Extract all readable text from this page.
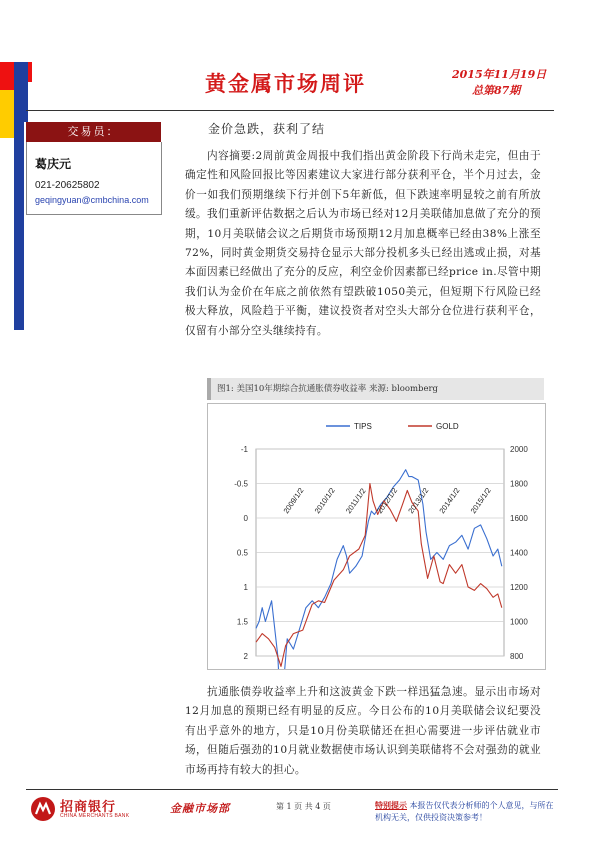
黄金属市场周评	2015年11月19日
总第87期
交易员：
葛庆元
021-20625802
geqingyuan@cmbchina.com
金价急跌，获利了结
内容摘要:2周前黄金周报中我们指出黄金阶段下行尚未走完，但由于确定性和风险回报比等因素建议大家进行部分获利平仓，半个月过去，金价一如我们预期继续下行并创下5年新低，但下跌速率明显较之前有所放缓。我们重新评估数据之后认为市场已经对12月美联储加息做了充分的预期，10月美联储会议之后期货市场预期12月加息概率已经由38%上涨至72%，同时黄金期货交易持仓显示大部分投机多头已经出逃或止损，对基本面因素已经做出了充分的反应，利空金价因素都已经price in.尽管中期我们认为金价在年底之前依然有望跌破1050美元，但短期下行风险已经极大释放，风险趋于平衡，建议投资者对空头大部分仓位进行获利平仓，仅留有小部分空头继续持有。
图1: 美国10年期综合抗通胀债券收益率 来源: bloomberg
-1
-0.5
0
0.5
1
1.5
2
2000
1800
1600
1400
1200
1000
800
2009/1/2 2010/1/2 2011/1/2 2012/1/2 2013/1/2 2014/1/2 2015/1/2
TIPS	GOLD
抗通胀债券收益率上升和这波黄金下跌一样迅猛急速。显示出市场对12月加息的预期已经有明显的反应。今日公布的10月美联储会议纪要没有出乎意外的地方，只是10月份美联储还在担心需要进一步评估就业市场，但随后强劲的10月就业数据使市场认识到美联储将不会对强劲的就业市场再持有较大的担心。
招商银行
CHINA MERCHANTS BANK
金融市场部	第 1 页 共 4 页	特别提示 本报告仅代表分析师的个人意见，与所在机构无关，仅供投资决策参考！
